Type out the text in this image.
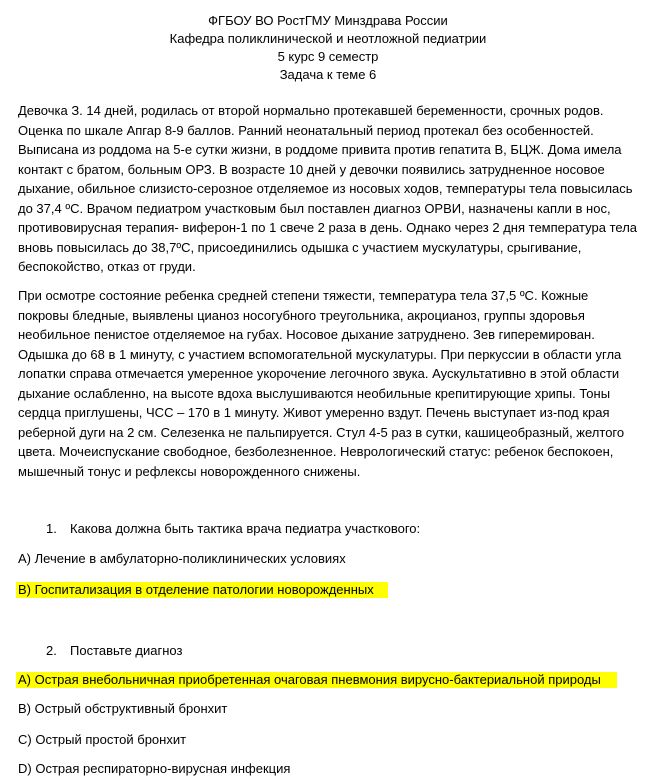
ФГБОУ ВО РостГМУ Минздрава России
Кафедра поликлинической и неотложной педиатрии
5 курс 9 семестр
Задача к теме 6

Девочка З. 14 дней, родилась от второй нормально протекавшей беременности, срочных родов. Оценка по шкале Апгар 8-9 баллов. Ранний неонатальный период протекал без особенностей. Выписана из роддома на 5-е сутки жизни, в роддоме привита против гепатита В, БЦЖ. Дома имела контакт с братом, больным ОРЗ. В возрасте 10 дней у девочки появились затрудненное носовое дыхание, обильное слизисто-серозное отделяемое из носовых ходов, температуры тела повысилась до 37,4 ºС. Врачом педиатром участковым был поставлен диагноз ОРВИ, назначены капли в нос, противовирусная терапия- виферон-1 по 1 свече 2 раза в день. Однако через 2 дня температура тела вновь повысилась до 38,7ºС, присоединились одышка с участием мускулатуры, срыгивание, беспокойство, отказ от груди.

При осмотре состояние ребенка средней степени тяжести, температура тела 37,5 ºС. Кожные покровы бледные, выявлены цианоз носогубного треугольника, акроцианоз, группы здоровья необильное пенистое отделяемое на губах. Носовое дыхание затруднено. Зев гиперемирован. Одышка до 68 в 1 минуту, с участием вспомогательной мускулатуры. При перкуссии в области угла лопатки справа отмечается умеренное укорочение легочного звука. Аускультативно в этой области дыхание ослабленно, на высоте вдоха выслушиваются необильные крепитирующие хрипы. Тоны сердца приглушены, ЧСС – 170 в 1 минуту. Живот умеренно вздут. Печень выступает из-под края реберной дуги на 2 см. Селезенка не пальпируется. Стул 4-5 раз в сутки, кашицеобразный, желтого цвета. Мочеиспускание свободное, безболезненное. Неврологический статус: ребенок беспокоен, мышечный тонус и рефлексы новорожденного снижены.

1. Какова должна быть тактика врача педиатра участкового:
А) Лечение в амбулаторно-поликлинических условиях
В) Госпитализация в отделение патологии новорожденных
2. Поставьте диагноз
А) Острая внебольничная приобретенная очаговая пневмония вирусно-бактериальной природы
В) Острый обструктивный бронхит
С) Острый простой бронхит
D) Острая респираторно-вирусная инфекция
